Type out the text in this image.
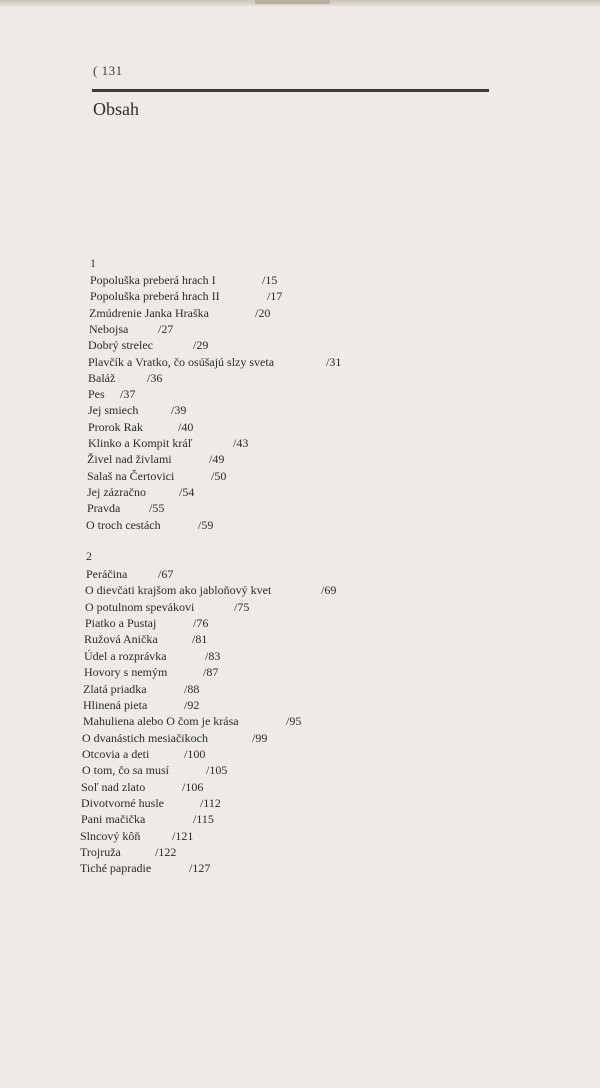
( 131
Obsah
1
Popoluška preberá hrach I	/15
Popoluška preberá hrach II	/17
Zmúdrenie Janka Hraška	/20
Nebojsa /27
Dobrý strelec	/29
Plavčík a Vratko, čo osúšajú slzy sveta	/31
Baláž	/36
Pes /37
Jej smiech	/39
Prorok Rak	/40
Klinko a Kompit kráľ	/43
Živel nad živlami	/49
Salaš na Čertovici	/50
Jej zázračno	/54
Pravda /55
O troch cestách	/59
2
Peráčina	/67
O dievčati krajšom ako jabloňový kvet	/69
O potulnom spevákovi	/75
Piatko a Pustaj	/76
Ružová Anička	/81
Údel a rozprávka	/83
Hovory s nemým	/87
Zlatá priadka	/88
Hlinená pieta	/92
Mahuliena alebo O čom je krása	/95
O dvanástich mesiačikoch	/99
Otcovia a deti	/100
O tom, čo sa musí	/105
Soľ nad zlato	/106
Divotvorné husle	/112
Pani mačička	/115
Slncový kôň	/121
Trojruža	/122
Tiché papradie	/127
